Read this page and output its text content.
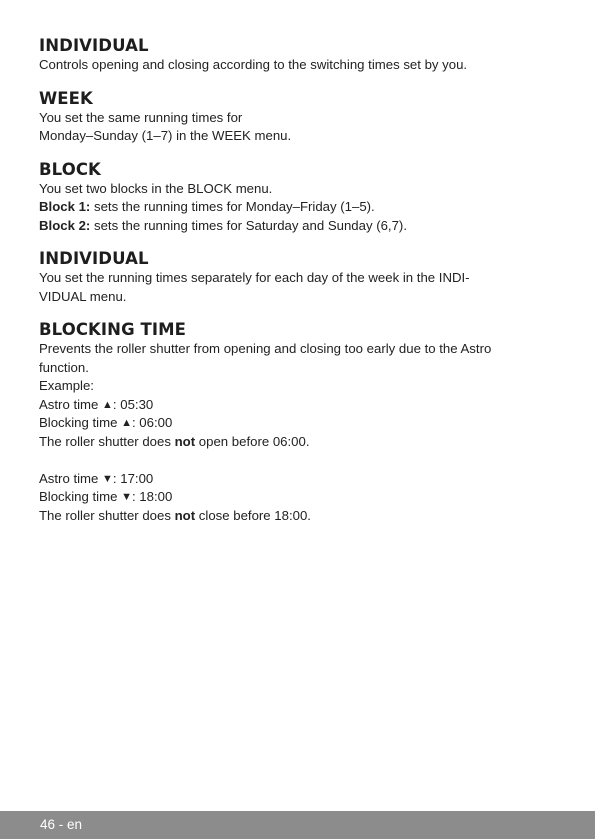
INDIVIDUAL

Controls opening and closing according to the switching times set by you.

WEEK

You set the same running times for

Monday–Sunday (1–7) in the WEEK menu.

BLOCK

You set two blocks in the BLOCK menu.

Block 1: sets the running times for Monday–Friday (1–5).

Block 2: sets the running times for Saturday and Sunday (6,7).

INDIVIDUAL

You set the running times separately for each day of the week in the INDI-

VIDUAL menu.

BLOCKING TIME

Prevents the roller shutter from opening and closing too early due to the Astro

function.

Example:

Astro time ▲: 05:30

Blocking time ▲: 06:00

The roller shutter does not open before 06:00.

Astro time ▼: 17:00

Blocking time ▼: 18:00

The roller shutter does not close before 18:00.

46 - en
